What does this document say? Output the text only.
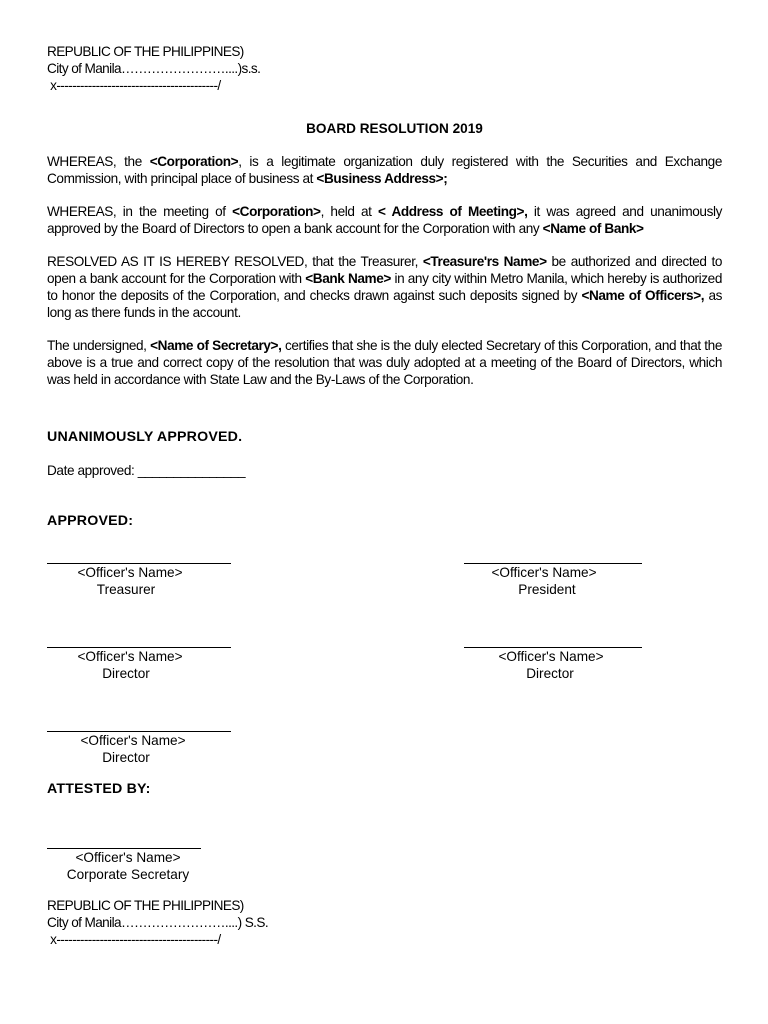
REPUBLIC OF THE PHILIPPINES)
City of Manila……………………....)s.s.
x-----------------------------------------/
BOARD RESOLUTION 2019

WHEREAS, the <Corporation>, is a legitimate organization duly registered with the Securities and Exchange Commission, with principal place of business at <Business Address>;

WHEREAS, in the meeting of <Corporation>, held at < Address of Meeting>, it was agreed and unanimously approved by the Board of Directors to open a bank account for the Corporation with any <Name of Bank>

RESOLVED AS IT IS HEREBY RESOLVED, that the Treasurer, <Treasure'rs Name> be authorized and directed to open a bank account for the Corporation with <Bank Name> in any city within Metro Manila, which hereby is authorized to honor the deposits of the Corporation, and checks drawn against such deposits signed by <Name of Officers>, as long as there funds in the account.

The undersigned, <Name of Secretary>, certifies that she is the duly elected Secretary of this Corporation, and that the above is a true and correct copy of the resolution that was duly adopted at a meeting of the Board of Directors, which was held in accordance with State Law and the By-Laws of the Corporation.

UNANIMOUSLY APPROVED.
Date approved: _______________
APPROVED:
<Officer's Name>
Treasurer
<Officer's Name>
President
<Officer's Name>
Director
<Officer's Name>
Director
<Officer's Name>
Director
ATTESTED BY:
<Officer's Name>
Corporate Secretary
REPUBLIC OF THE PHILIPPINES)
City of Manila……………………....) S.S.
x-----------------------------------------/
